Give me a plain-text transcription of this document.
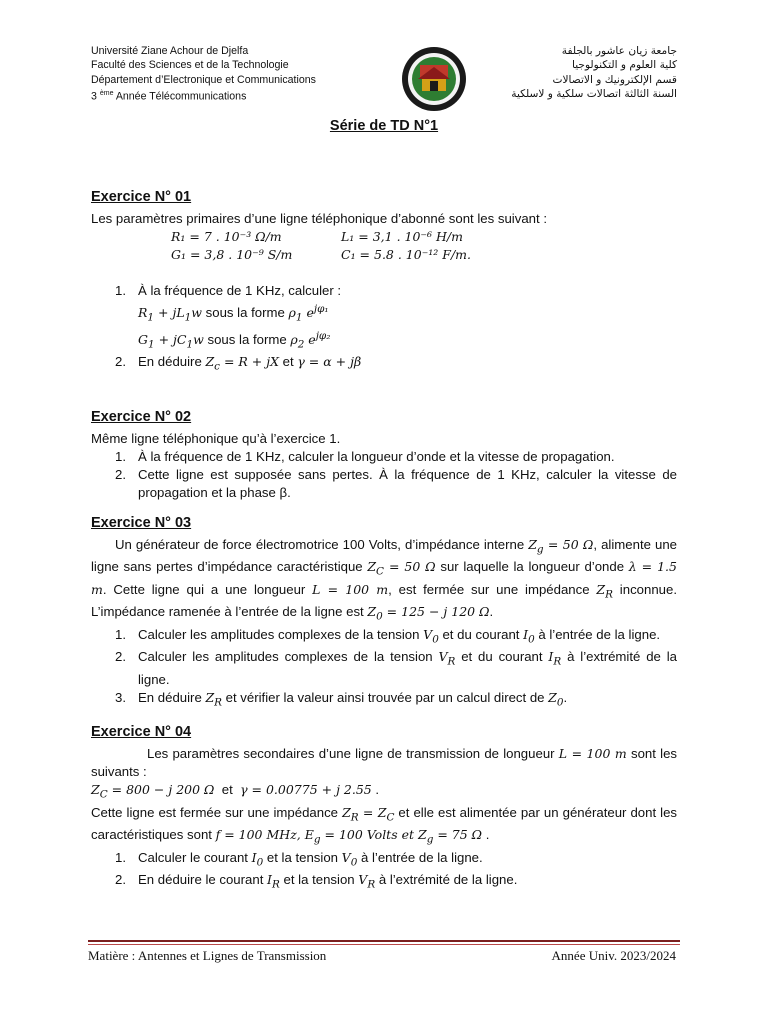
Université Ziane Achour de Djelfa
Faculté des Sciences et de la Technologie
Département d’Electronique et Communications
3 $^{ème}$ Année Télécommunications
جامعة زيان عاشور بالجلفة
كلية العلوم و التكنولوجيا
قسم الإلكترونيك و الاتصالات
السنة الثالثة اتصالات سلكية و لاسلكية
Série de TD N°1
Exercice N° 01

Les paramètres primaires d’une ligne téléphonique d’abonné sont les suivant :

R₁ = 7 . 10⁻³ Ω/m	L₁ = 3,1 . 10⁻⁶ H/m
G₁ = 3,8 . 10⁻⁹ S/m	C₁ = 5.8 . 10⁻¹² F/m.
1. À la fréquence de 1 KHz, calculer :
$R_1 + jL_1w$ sous la forme $\rho_1$ $e^{j\varphi_1}$
$G_1 + jC_1w$ sous la forme $\rho_2$ $e^{j\varphi_2}$
2. En déduire $Z_c = R$ + jX et γ = α + jβ
Exercice N° 02

Même ligne téléphonique qu’à l’exercice 1.

1. À la fréquence de 1 KHz, calculer la longueur d’onde et la vitesse de propagation.
2. Cette ligne est supposée sans pertes. À la fréquence de 1 KHz, calculer la vitesse de propagation et la phase β.
Exercice N° 03

Un générateur de force électromotrice 100 Volts, d’impédance interne $Z_g = 50$ Ω, alimente une ligne sans pertes d’impédance caractéristique $Z_C = 50$ Ω sur laquelle la longueur d’onde λ = 1.5 m. Cette ligne qui a une longueur L = 100 m, est fermée sur une impédance $Z_R$ inconnue. L’impédance ramenée à l’entrée de la ligne est $Z_0 = 125 - j$ 120 Ω.

1. Calculer les amplitudes complexes de la tension $V_0$ et du courant $I_0$ à l’entrée de la ligne.
2. Calculer les amplitudes complexes de la tension $V_R$ et du courant $I_R$ à l’extrémité de la ligne.
3. En déduire $Z_R$ et vérifier la valeur ainsi trouvée par un calcul direct de $Z_0$.
Exercice N° 04

Les paramètres secondaires d’une ligne de transmission de longueur L = 100 m sont les suivants :

$Z_C = 800 - j$ 200 Ω  et  γ = 0.00775 + j 2.55 .

Cette ligne est fermée sur une impédance $Z_R = Z_C$ et elle est alimentée par un générateur dont les caractéristiques sont f = 100 MHz, $E_g = 100$ Volts et $Z_g = 75$ Ω .

1. Calculer le courant $I_0$ et la tension $V_0$ à l’entrée de la ligne.
2. En déduire le courant $I_R$ et la tension $V_R$ à l’extrémité de la ligne.
Matière : Antennes et Lignes de Transmission	Année Univ. 2023/2024
